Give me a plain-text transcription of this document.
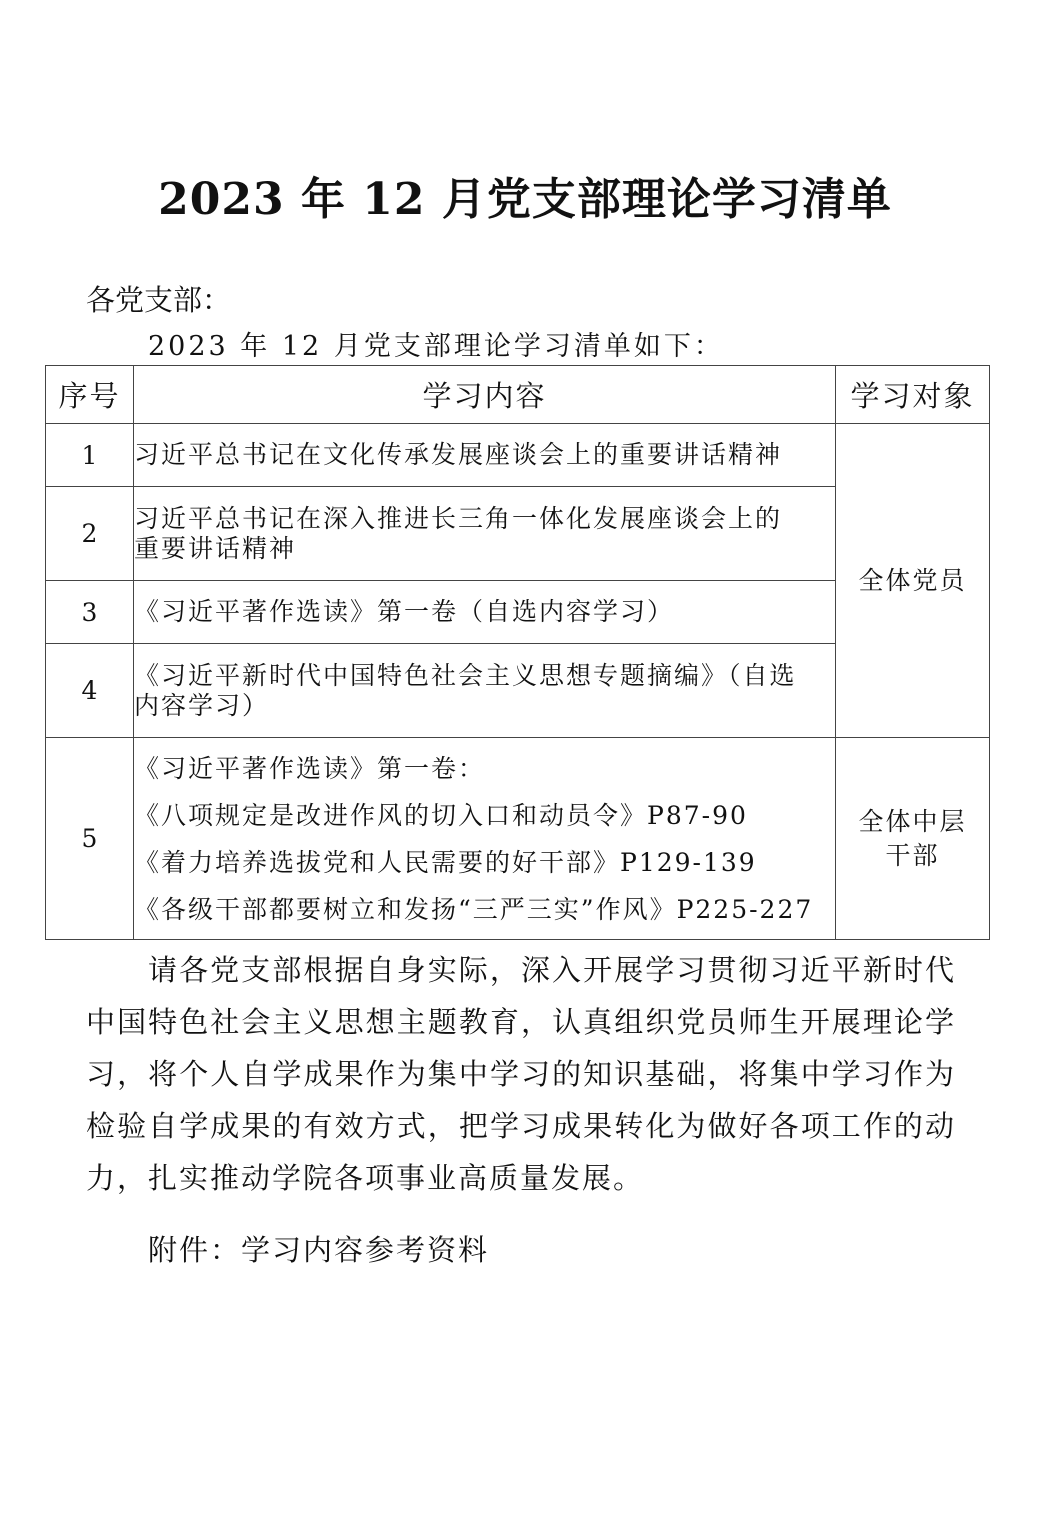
2023 年 12 月党支部理论学习清单
各党支部：
2023 年 12 月党支部理论学习清单如下：
序号	学习内容	学习对象
1	习近平总书记在文化传承发展座谈会上的重要讲话精神	全体党员
2	习近平总书记在深入推进长三角一体化发展座谈会上的
重要讲话精神	

3	《习近平著作选读》第一卷（自选内容学习）	

4	《习近平新时代中国特色社会主义思想专题摘编》（自选
内容学习）	

5	《习近平著作选读》第一卷：
《八项规定是改进作风的切入口和动员令》P87-90
《着力培养选拔党和人民需要的好干部》P129-139
《各级干部都要树立和发扬“三严三实”作风》P225-227	全体中层
干部
请各党支部根据自身实际，深入开展学习贯彻习近平新时代中国特色社会主义思想主题教育，认真组织党员师生开展理论学习，将个人自学成果作为集中学习的知识基础，将集中学习作为检验自学成果的有效方式，把学习成果转化为做好各项工作的动力，扎实推动学院各项事业高质量发展。
附件：学习内容参考资料
